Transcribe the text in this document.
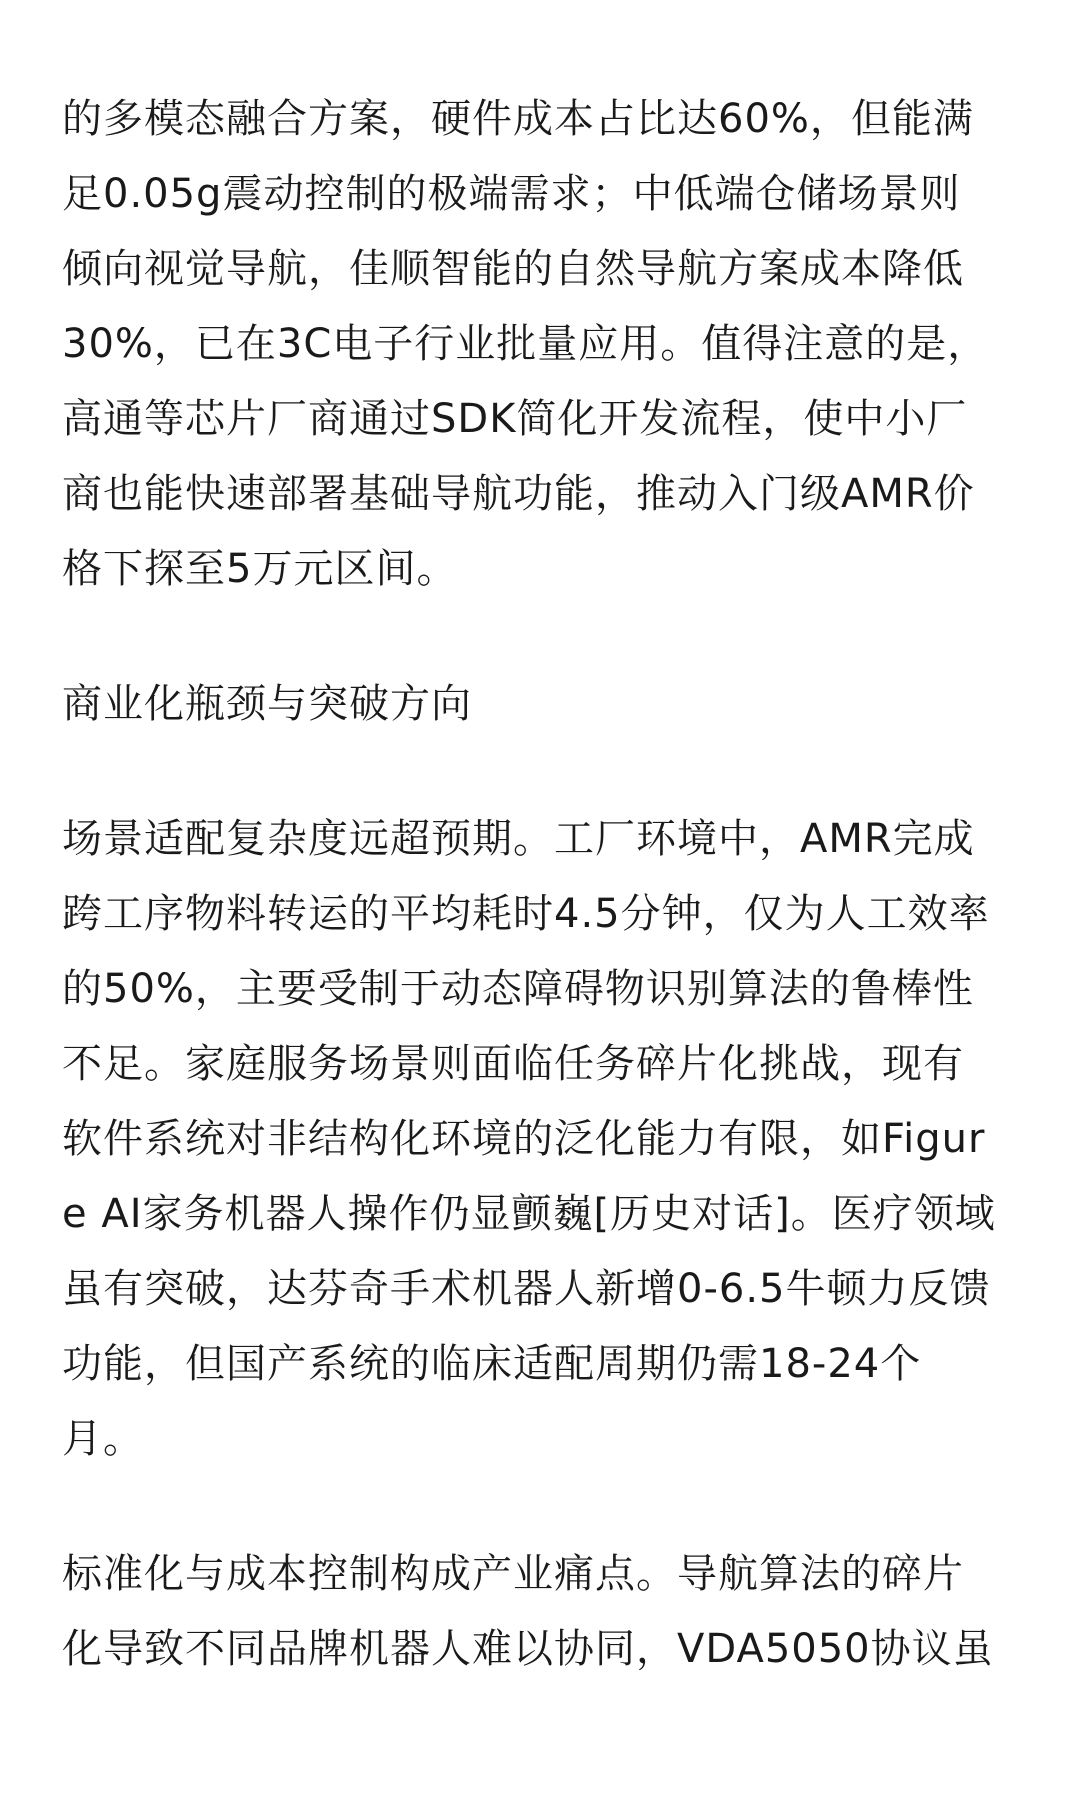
的多模态融合方案，硬件成本占比达60%，但能满
足0.05g震动控制的极端需求；中低端仓储场景则
倾向视觉导航，佳顺智能的自然导航方案成本降低
30%，已在3C电子行业批量应用。值得注意的是，
高通等芯片厂商通过SDK简化开发流程，使中小厂
商也能快速部署基础导航功能，推动入门级AMR价
格下探至5万元区间。

商业化瓶颈与突破方向

场景适配复杂度远超预期。工厂环境中，AMR完成
跨工序物料转运的平均耗时4.5分钟，仅为人工效率
的50%，主要受制于动态障碍物识别算法的鲁棒性
不足。家庭服务场景则面临任务碎片化挑战，现有
软件系统对非结构化环境的泛化能力有限，如Figur
e AI家务机器人操作仍显颤巍[历史对话]。医疗领域
虽有突破，达芬奇手术机器人新增0-6.5牛顿力反馈
功能，但国产系统的临床适配周期仍需18-24个
月。

标准化与成本控制构成产业痛点。导航算法的碎片
化导致不同品牌机器人难以协同，VDA5050协议虽
